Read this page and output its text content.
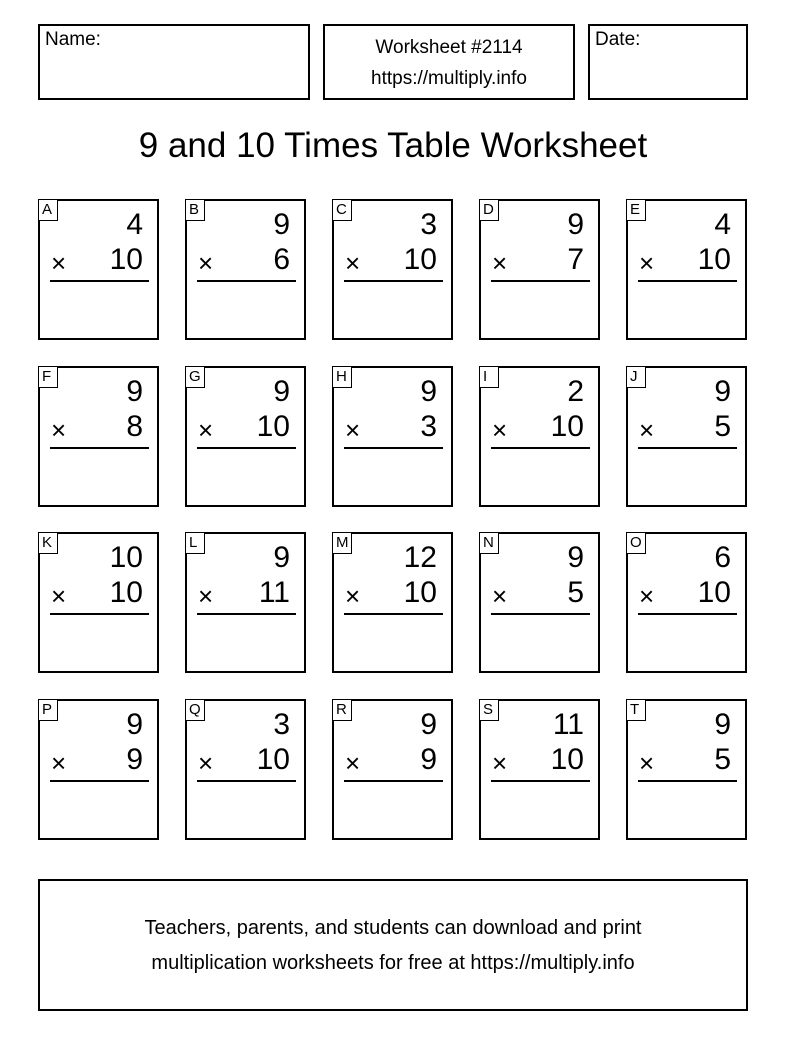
Name:	Worksheet #2114
https://multiply.info
Date:
9 and 10 Times Table Worksheet
A 4
× 10
B 9
× 6
C 3
× 10
D 9
× 7
E 4
× 10
F	9
× 8
G 9
× 10
H 9
× 3
I	2
× 10
J	9
× 5
K 10
× 10
L	9
× 11
M 12
× 10
N 9
× 5
O 6
× 10
P 9
× 9
Q 3
× 10
R 9
× 9
S 11
× 10
T	9
× 5
Teachers, parents, and students can download and print
multiplication worksheets for free at https://multiply.info
